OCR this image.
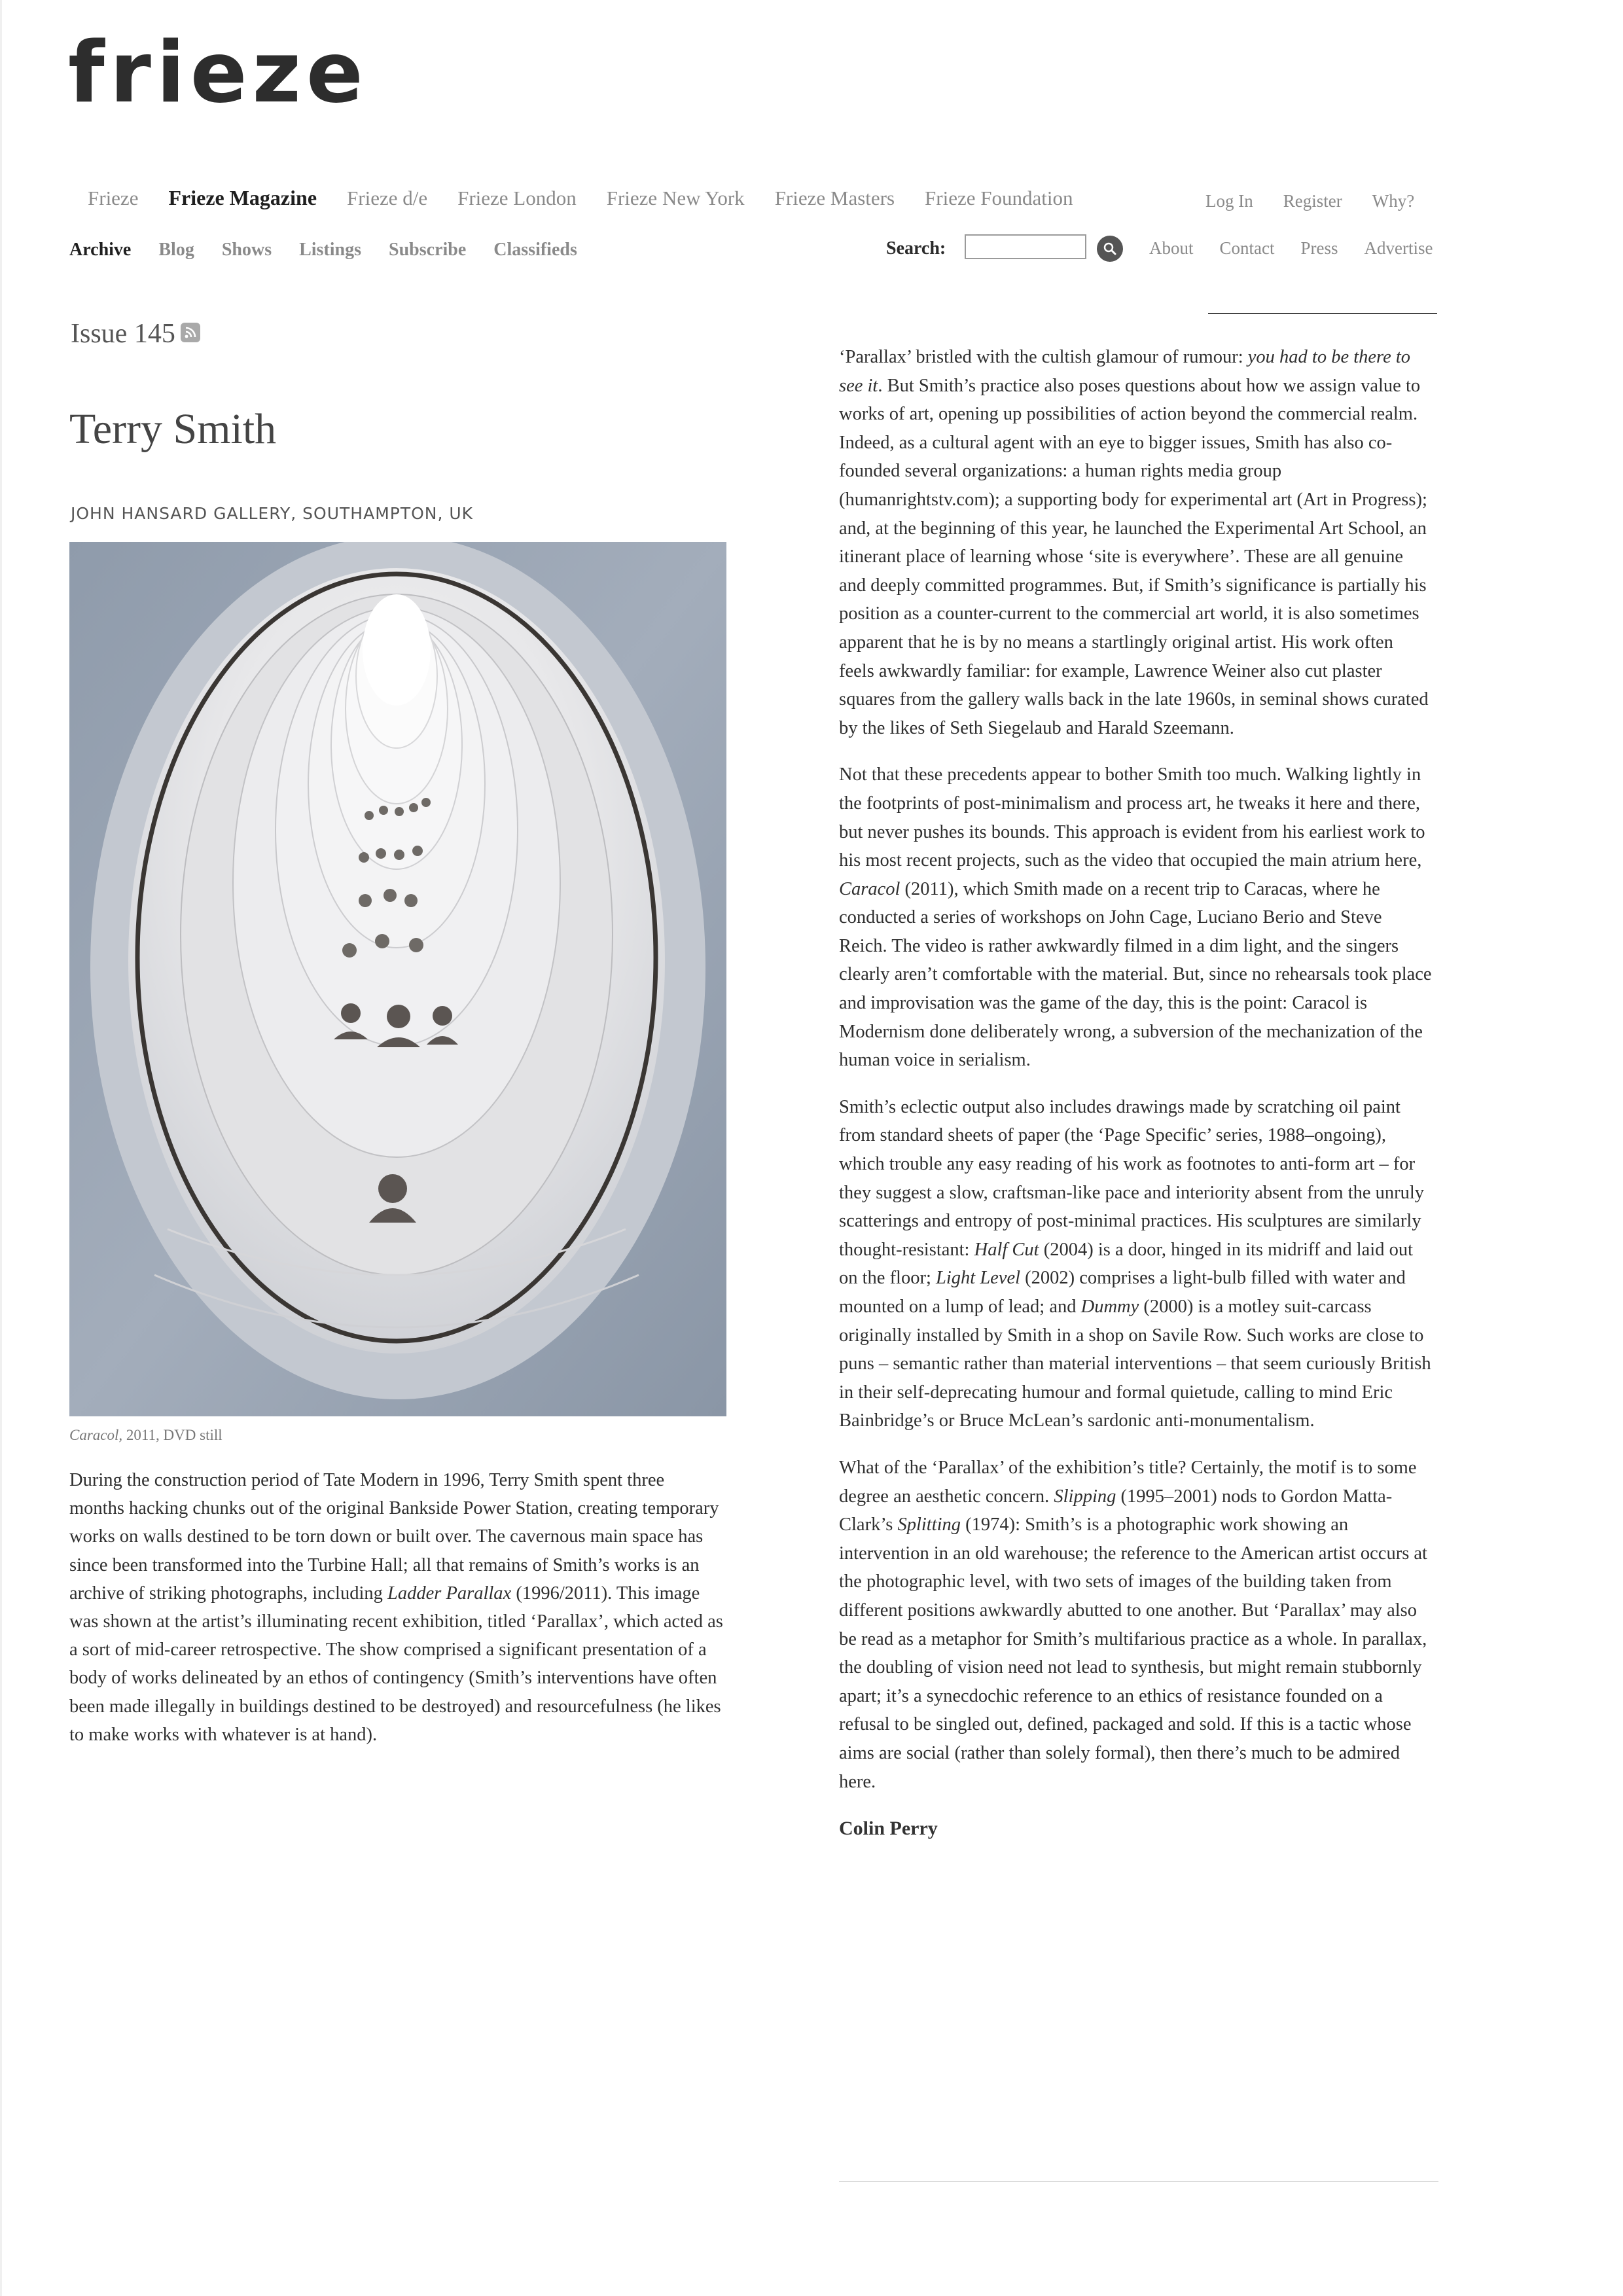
frieze
Frieze Frieze Magazine Frieze d/e Frieze London Frieze New York Frieze Masters Frieze Foundation	Log In Register Why?
Archive Blog Shows Listings Subscribe Classifieds	Search:	About Contact Press Advertise
Issue 145
Terry Smith
JOHN HANSARD GALLERY, SOUTHAMPTON, UK
Caracol, 2011, DVD still

During the construction period of Tate Modern in 1996, Terry Smith spent three months hacking chunks out of the original Bankside Power Station, creating temporary works on walls destined to be torn down or built over. The cavernous main space has since been transformed into the Turbine Hall; all that remains of Smith’s works is an archive of striking photographs, including Ladder Parallax (1996/2011). This image was shown at the artist’s illuminating recent exhibition, titled ‘Parallax’, which acted as a sort of mid-career retrospective. The show comprised a significant presentation of a body of works delineated by an ethos of contingency (Smith’s interventions have often been made illegally in buildings destined to be destroyed) and resourcefulness (he likes to make works with whatever is at hand).

‘Parallax’ bristled with the cultish glamour of rumour: you had to be there to see it. But Smith’s practice also poses questions about how we assign value to works of art, opening up possibilities of action beyond the commercial realm. Indeed, as a cultural agent with an eye to bigger issues, Smith has also co-founded several organizations: a human rights media group (humanrightstv.com); a supporting body for experimental art (Art in Progress); and, at the beginning of this year, he launched the Experimental Art School, an itinerant place of learning whose ‘site is everywhere’. These are all genuine and deeply committed programmes. But, if Smith’s significance is partially his position as a counter-current to the commercial art world, it is also sometimes apparent that he is by no means a startlingly original artist. His work often feels awkwardly familiar: for example, Lawrence Weiner also cut plaster squares from the gallery walls back in the late 1960s, in seminal shows curated by the likes of Seth Siegelaub and Harald Szeemann.

Not that these precedents appear to bother Smith too much. Walking lightly in the footprints of post-minimalism and process art, he tweaks it here and there, but never pushes its bounds. This approach is evident from his earliest work to his most recent projects, such as the video that occupied the main atrium here, Caracol (2011), which Smith made on a recent trip to Caracas, where he conducted a series of workshops on John Cage, Luciano Berio and Steve Reich. The video is rather awkwardly filmed in a dim light, and the singers clearly aren’t comfortable with the material. But, since no rehearsals took place and improvisation was the game of the day, this is the point: Caracol is Modernism done deliberately wrong, a subversion of the mechanization of the human voice in serialism.

Smith’s eclectic output also includes drawings made by scratching oil paint from standard sheets of paper (the ‘Page Specific’ series, 1988–ongoing), which trouble any easy reading of his work as footnotes to anti-form art – for they suggest a slow, craftsman-like pace and interiority absent from the unruly scatterings and entropy of post-minimal practices. His sculptures are similarly thought-resistant: Half Cut (2004) is a door, hinged in its midriff and laid out on the floor; Light Level (2002) comprises a light-bulb filled with water and mounted on a lump of lead; and Dummy (2000) is a motley suit-carcass originally installed by Smith in a shop on Savile Row. Such works are close to puns – semantic rather than material interventions – that seem curiously British in their self-deprecating humour and formal quietude, calling to mind Eric Bainbridge’s or Bruce McLean’s sardonic anti-monumentalism.

What of the ‘Parallax’ of the exhibition’s title? Certainly, the motif is to some degree an aesthetic concern. Slipping (1995–2001) nods to Gordon Matta-Clark’s Splitting (1974): Smith’s is a photographic work showing an intervention in an old warehouse; the reference to the American artist occurs at the photographic level, with two sets of images of the building taken from different positions awkwardly abutted to one another. But ‘Parallax’ may also be read as a metaphor for Smith’s multifarious practice as a whole. In parallax, the doubling of vision need not lead to synthesis, but might remain stubbornly apart; it’s a synecdochic reference to an ethics of resistance founded on a refusal to be singled out, defined, packaged and sold. If this is a tactic whose aims are social (rather than solely formal), then there’s much to be admired here.

Colin Perry
